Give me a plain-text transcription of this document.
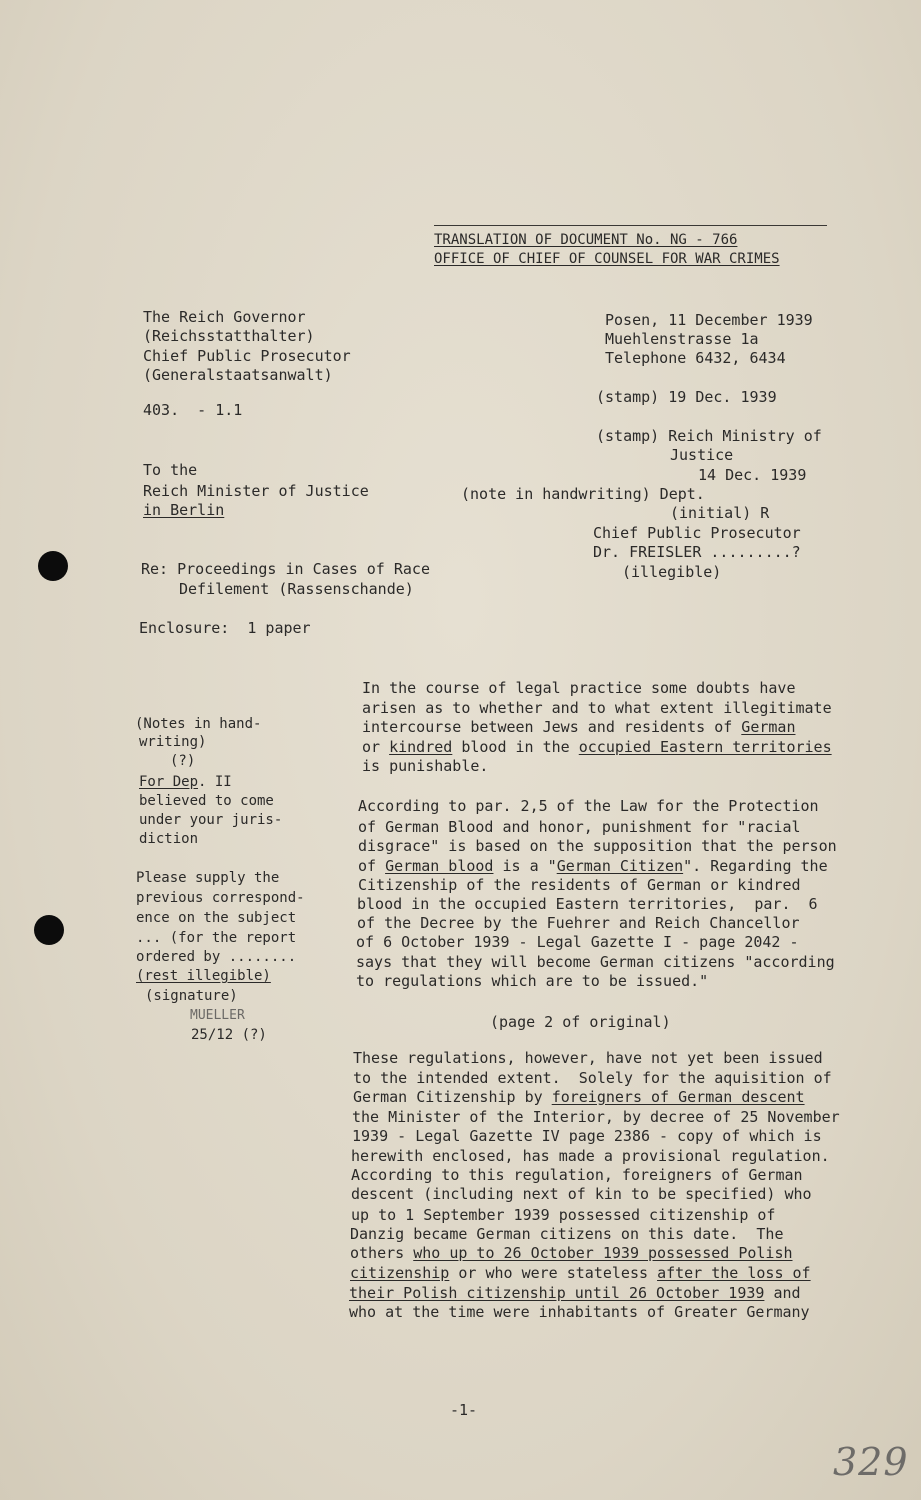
TRANSLATION OF DOCUMENT No. NG - 766
OFFICE OF CHIEF OF COUNSEL FOR WAR CRIMES
The Reich Governor
(Reichsstatthalter)
Chief Public Prosecutor
(Generalstaatsanwalt)
403.  - 1.1
Posen, 11 December 1939
Muehlenstrasse 1a
Telephone 6432, 6434
(stamp) 19 Dec. 1939
(stamp) Reich Ministry of
Justice
14 Dec. 1939
(note in handwriting) Dept.
(initial) R
Chief Public Prosecutor
Dr. FREISLER .........?
(illegible)
To the
Reich Minister of Justice
in Berlin
Re: Proceedings in Cases of Race
Defilement (Rassenschande)
Enclosure:  1 paper
(Notes in hand-
writing)
(?)
For Dep. II
believed to come
under your juris-
diction
Please supply the
previous correspond-
ence on the subject
... (for the report
ordered by ........
(rest illegible)
(signature)
MUELLER
25/12 (?)
In the course of legal practice some doubts have
arisen as to whether and to what extent illegitimate
intercourse between Jews and residents of German
or kindred blood in the occupied Eastern territories
is punishable.
According to par. 2,5 of the Law for the Protection
of German Blood and honor, punishment for "racial
disgrace" is based on the supposition that the person
of German blood is a "German Citizen". Regarding the
Citizenship of the residents of German or kindred
blood in the occupied Eastern territories,  par.  6
of the Decree by the Fuehrer and Reich Chancellor
of 6 October 1939 - Legal Gazette I - page 2042 -
says that they will become German citizens "according
to regulations which are to be issued."
(page 2 of original)
These regulations, however, have not yet been issued
to the intended extent.  Solely for the aquisition of
German Citizenship by foreigners of German descent
the Minister of the Interior, by decree of 25 November
1939 - Legal Gazette IV page 2386 - copy of which is
herewith enclosed, has made a provisional regulation.
According to this regulation, foreigners of German
descent (including next of kin to be specified) who
up to 1 September 1939 possessed citizenship of
Danzig became German citizens on this date.  The
others who up to 26 October 1939 possessed Polish
citizenship or who were stateless after the loss of
their Polish citizenship until 26 October 1939 and
who at the time were inhabitants of Greater Germany
-1-
329
